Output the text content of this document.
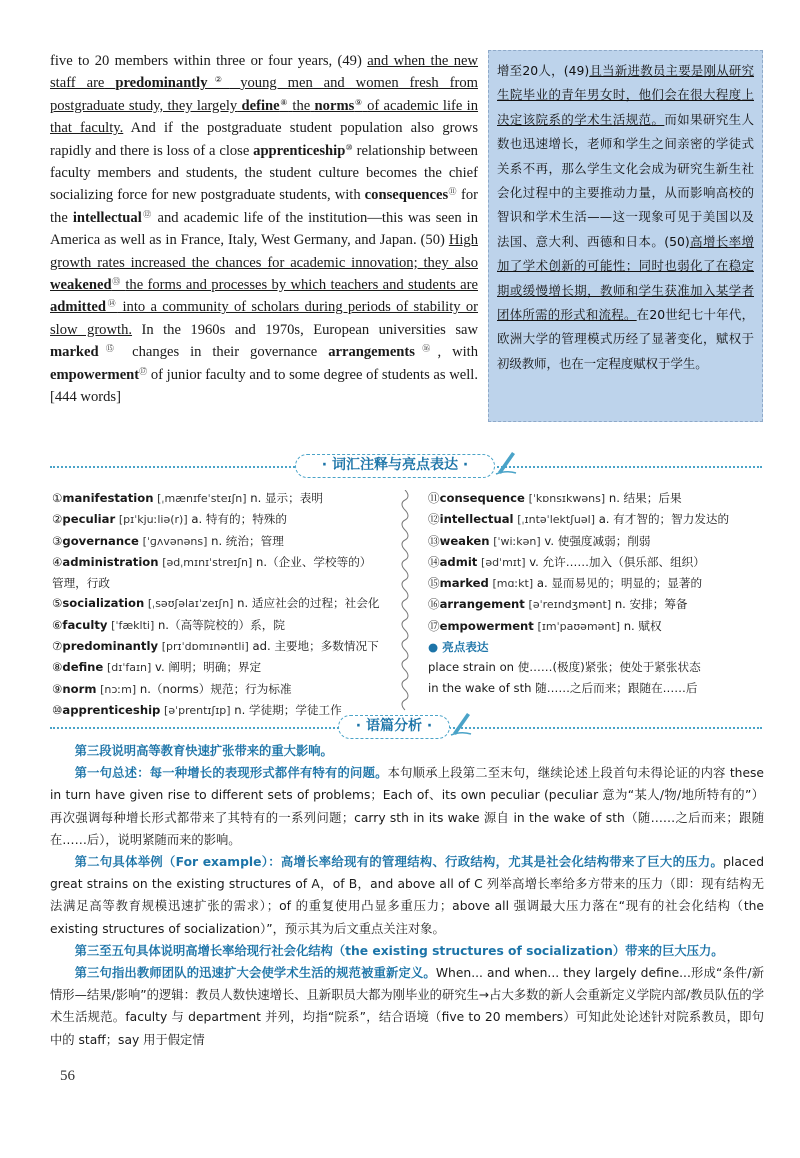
five to 20 members within three or four years, (49) and when the new staff are predominantly② young men and women fresh from postgraduate study, they largely define⑧ the norms⑨ of academic life in that faculty. And if the postgraduate student population also grows rapidly and there is loss of a close apprenticeship⑩ relationship between faculty members and students, the student culture becomes the chief socializing force for new postgraduate students, with consequences⑪ for the intellectual⑫ and academic life of the institution—this was seen in America as well as in France, Italy, West Germany, and Japan. (50) High growth rates increased the chances for academic innovation; they also weakened⑬ the forms and processes by which teachers and students are admitted⑭ into a community of scholars during periods of stability or slow growth. In the 1960s and 1970s, European universities saw marked⑮ changes in their governance arrangements⑯, with empowerment⑰ of junior faculty and to some degree of students as well. [444 words]

增至20人，(49)且当新进教员主要是刚从研究生院毕业的青年男女时，他们会在很大程度上决定该院系的学术生活规范。而如果研究生人数也迅速增长，老师和学生之间亲密的学徒式关系不再，那么学生文化会成为研究生新生社会化过程中的主要推动力量，从而影响高校的智识和学术生活——这一现象可见于美国以及法国、意大利、西德和日本。(50)高增长率增加了学术创新的可能性；同时也弱化了在稳定期或缓慢增长期，教师和学生获准加入某学者团体所需的形式和流程。在20世纪七十年代，欧洲大学的管理模式历经了显著变化，赋权于初级教师，也在一定程度赋权于学生。
· 词汇注释与亮点表达 ·
①manifestation [ˌmænɪfeˈsteɪʃn] n. 显示；表明
②peculiar [pɪˈkjuːliə(r)] a. 特有的；特殊的
③governance [ˈɡʌvənəns] n. 统治；管理
④administration [ədˌmɪnɪˈstreɪʃn] n.（企业、学校等的）
管理，行政
⑤socialization [ˌsəʊʃəlaɪˈzeɪʃn] n. 适应社会的过程；社会化
⑥faculty [ˈfæklti] n.（高等院校的）系，院
⑦predominantly [prɪˈdɒmɪnəntli] ad. 主要地；多数情况下
⑧define [dɪˈfaɪn] v. 阐明；明确；界定
⑨norm [nɔːm] n.（norms）规范；行为标准
⑩apprenticeship [əˈprentɪʃɪp] n. 学徒期；学徒工作
⑪consequence [ˈkɒnsɪkwəns] n. 结果；后果
⑫intellectual [ˌɪntəˈlektʃuəl] a. 有才智的；智力发达的
⑬weaken [ˈwiːkən] v. 使强度减弱；削弱
⑭admit [ədˈmɪt] v. 允许……加入（俱乐部、组织）
⑮marked [mɑːkt] a. 显而易见的；明显的；显著的
⑯arrangement [əˈreɪndʒmənt] n. 安排；筹备
⑰empowerment [ɪmˈpaʊəmənt] n. 赋权
● 亮点表达
place strain on 使……(极度)紧张；使处于紧张状态
in the wake of sth 随……之后而来；跟随在……后
· 语篇分析 ·

第三段说明高等教育快速扩张带来的重大影响。

第一句总述：每一种增长的表现形式都伴有特有的问题。本句顺承上段第二至末句，继续论述上段首句未得论证的内容 these in turn have given rise to different sets of problems；Each of、its own peculiar (peculiar 意为“某人/物/地所特有的”）再次强调每种增长形式都带来了其特有的一系列问题；carry sth in its wake 源自 in the wake of sth（随……之后而来；跟随在……后），说明紧随而来的影响。

第二句具体举例（For example）：高增长率给现有的管理结构、行政结构，尤其是社会化结构带来了巨大的压力。placed great strains on the existing structures of A，of B，and above all of C 列举高增长率给多方带来的压力（即：现有结构无法满足高等教育规模迅速扩张的需求）；of 的重复使用凸显多重压力；above all 强调最大压力落在“现有的社会化结构（the existing structures of socialization）”，预示其为后文重点关注对象。

第三至五句具体说明高增长率给现行社会化结构（the existing structures of socialization）带来的巨大压力。

第三句指出教师团队的迅速扩大会使学术生活的规范被重新定义。When... and when... they largely define...形成“条件/新情形—结果/影响”的逻辑：教员人数快速增长、且新职员大都为刚毕业的研究生→占大多数的新人会重新定义学院内部/教员队伍的学术生活规范。faculty 与 department 并列，均指“院系”，结合语境（five to 20 members）可知此处论述针对院系教员，即句中的 staff；say 用于假定情

56
